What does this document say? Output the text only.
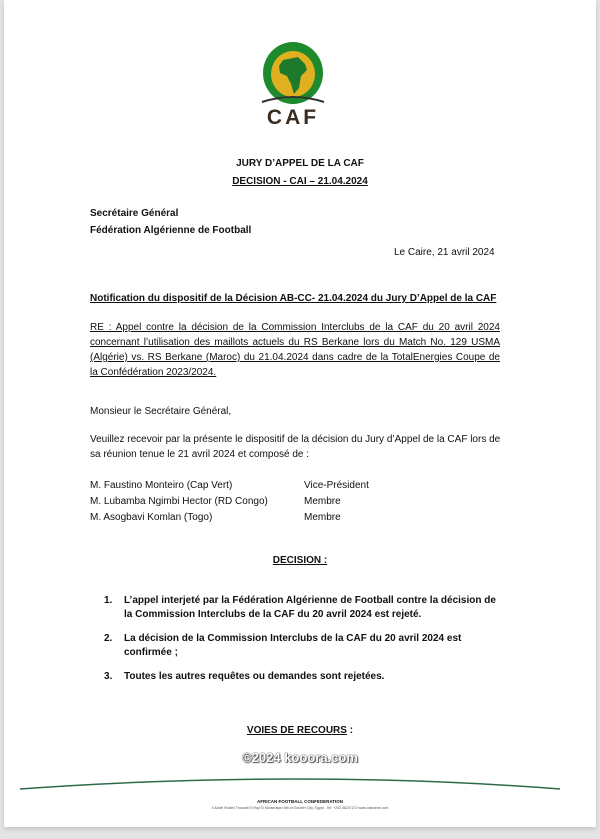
CAF
JURY D’APPEL DE LA CAF
DECISION - CAI – 21.04.2024
Secrétaire Général
Fédération Algérienne de Football
Le Caire, 21 avril 2024
Notification du dispositif de la Décision AB-CC- 21.04.2024 du Jury D’Appel de la CAF
RE : Appel contre la décision de la Commission Interclubs de la CAF du 20 avril 2024 concernant l’utilisation des maillots actuels du RS Berkane lors du Match No. 129 USMA (Algérie) vs. RS Berkane (Maroc) du 21.04.2024 dans cadre de la TotalEnergies Coupe de la Confédération 2023/2024.
Monsieur le Secrétaire Général,
Veuillez recevoir par la présente le dispositif de la décision du Jury d’Appel de la CAF lors de sa réunion tenue le 21 avril 2024 et composé de :
M. Faustino Monteiro (Cap Vert)	Vice-Président
M. Lubamba Ngimbi Hector (RD Congo)	Membre
M. Asogbavi Komlan (Togo)	Membre
DECISION :
1. L’appel interjeté par la Fédération Algérienne de Football contre la décision de la Commission Interclubs de la CAF du 20 avril 2024 est rejeté.
2. La décision de la Commission Interclubs de la CAF du 20 avril 2024 est confirmée ;
3. Toutes les autres requêtes ou demandes sont rejetées.
VOIES DE RECOURS :
©2024 kooora.com
AFRICAN FOOTBALL CONFEDERATION
3 Abdel Khalek Tharwat El Hay El Motamayez 6th of October City, Egypt - Tel: +202 38247272 www.cafonline.com
